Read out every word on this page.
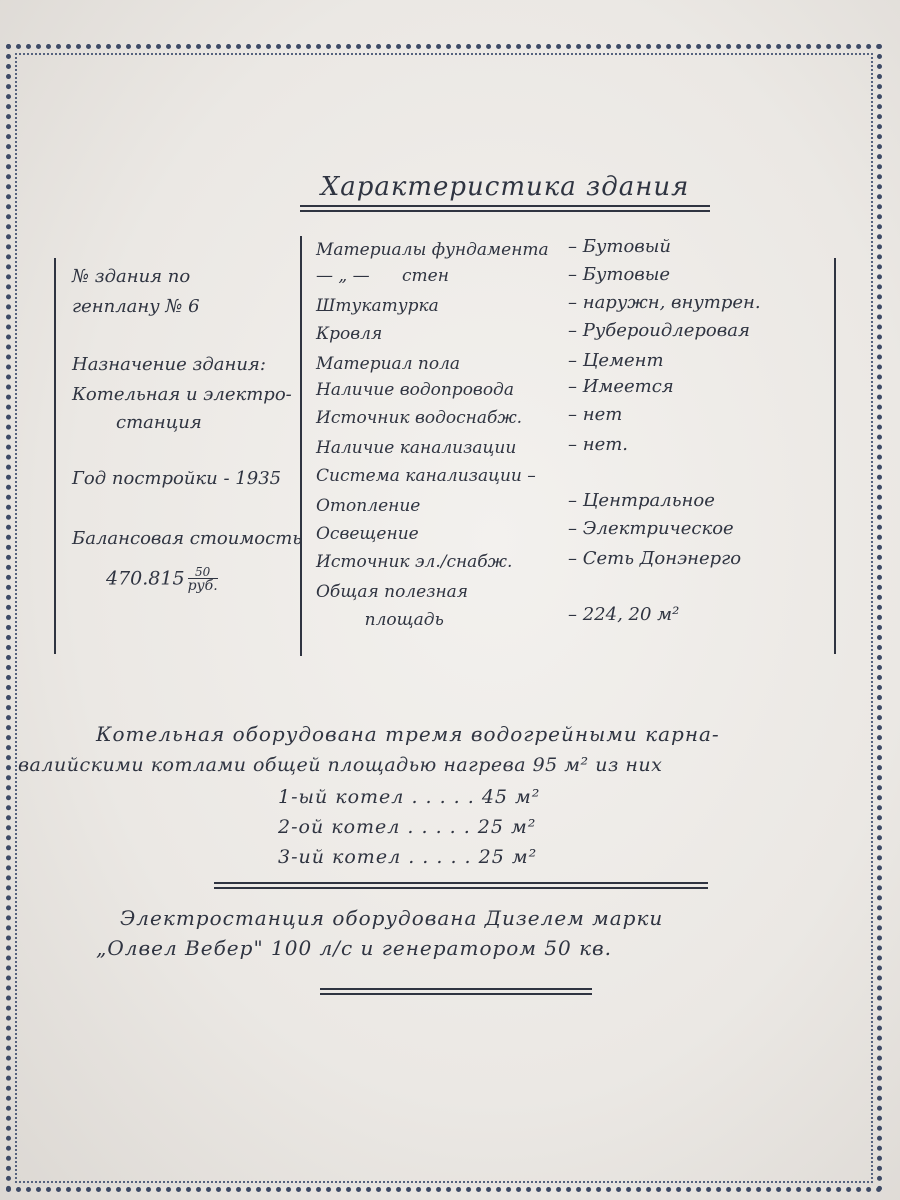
Характеристика здания
№ здания по
генплану № 6
Назначение здания:
Котельная и электро-
станция
Год постройки - 1935
Балансовая стоимость
470.815 50
руб.
Материалы фундамента – Бутовый
— „ —      стен	– Бутовые
Штукатурка	– наружн, внутрен.
Кровля	– Рубероидлеровая
Материал пола	– Цемент
Наличие водопровода	– Имеется
Источник водоснабж.	– нет
Наличие канализации	– нет.
Система канализации –
Отопление	– Центральное
Освещение	– Электрическое
Источник эл./снабж.	– Сеть Донэнерго
Общая полезная
площадь	– 224, 20 м²
Котельная оборудована тремя водогрейными карна-
валийскими котлами общей площадью нагрева 95 м² из них
1-ый котел . . . . . 45 м²
2-ой котел . . . . . 25 м²
3-ий котел . . . . . 25 м²
Электростанция оборудована Дизелем марки
„Олвел Вебер" 100 л/с и генератором 50 кв.
